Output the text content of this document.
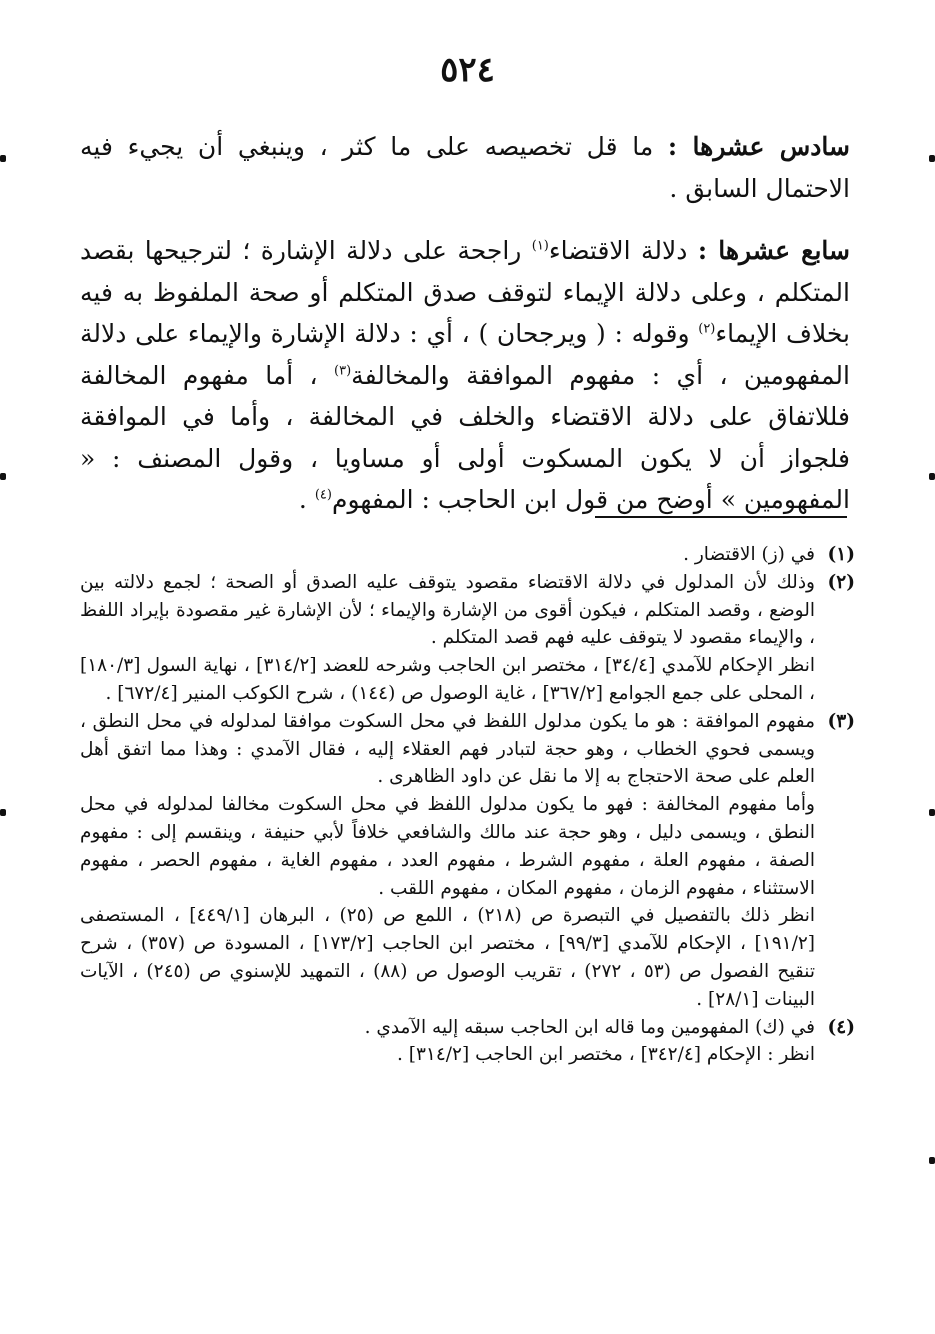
٥٢٤

سادس عشرها : ما قل تخصيصه على ما كثر ، وينبغي أن يجيء فيه الاحتمال السابق .

سابع عشرها : دلالة الاقتضاء$^{(١)}$ راجحة على دلالة الإشارة ؛ لترجيحها بقصد المتكلم ، وعلى دلالة الإيماء لتوقف صدق المتكلم أو صحة الملفوظ به فيه بخلاف الإيماء$^{(٢)}$ وقوله : ( ويرجحان ) ، أي : دلالة الإشارة والإيماء على دلالة المفهومين ، أي : مفهوم الموافقة والمخالفة$^{(٣)}$ ، أما مفهوم المخالفة فللاتفاق على دلالة الاقتضاء والخلف في المخالفة ، وأما في الموافقة فلجواز أن لا يكون المسكوت أولى أو مساويا ، وقول المصنف : « المفهومين » أوضح من قول ابن الحاجب : المفهوم$^{(٤)}$ .

(١)

في (ز) الاقتضار .

(٢)

وذلك لأن المدلول في دلالة الاقتضاء مقصود يتوقف عليه الصدق أو الصحة ؛ لجمع دلالته بين الوضع ، وقصد المتكلم ، فيكون أقوى من الإشارة والإيماء ؛ لأن الإشارة غير مقصودة بإيراد اللفظ ، والإيماء مقصود لا يتوقف عليه فهم قصد المتكلم .

انظر الإحكام للآمدي [٣٤/٤] ، مختصر ابن الحاجب وشرحه للعضد [٣١٤/٢] ، نهاية السول [١٨٠/٣] ، المحلى على جمع الجوامع [٣٦٧/٢] ، غاية الوصول ص (١٤٤) ، شرح الكوكب المنير [٦٧٢/٤] .

(٣)

مفهوم الموافقة : هو ما يكون مدلول اللفظ في محل السكوت موافقا لمدلوله في محل النطق ، ويسمى فحوي الخطاب ، وهو حجة لتبادر فهم العقلاء إليه ، فقال الآمدي : وهذا مما اتفق أهل العلم على صحة الاحتجاج به إلا ما نقل عن داود الظاهرى .

وأما مفهوم المخالفة : فهو ما يكون مدلول اللفظ في محل السكوت مخالفا لمدلوله في محل النطق ، ويسمى دليل ، وهو حجة عند مالك والشافعي خلافاً لأبي حنيفة ، وينقسم إلى : مفهوم الصفة ، مفهوم العلة ، مفهوم الشرط ، مفهوم العدد ، مفهوم الغاية ، مفهوم الحصر ، مفهوم الاستثناء ، مفهوم الزمان ، مفهوم المكان ، مفهوم اللقب .

انظر ذلك بالتفصيل في التبصرة ص (٢١٨) ، اللمع ص (٢٥) ، البرهان [٤٤٩/١] ، المستصفى [١٩١/٢] ، الإحكام للآمدي [٩٩/٣] ، مختصر ابن الحاجب [١٧٣/٢] ، المسودة ص (٣٥٧) ، شرح تنقيح الفصول ص (٥٣ ، ٢٧٢) ، تقريب الوصول ص (٨٨) ، التمهيد للإسنوي ص (٢٤٥) ، الآيات البينات [٢٨/١] .

(٤)

في (ك) المفهومين وما قاله ابن الحاجب سبقه إليه الآمدي .

انظر : الإحكام [٣٤٢/٤] ، مختصر ابن الحاجب [٣١٤/٢] .
